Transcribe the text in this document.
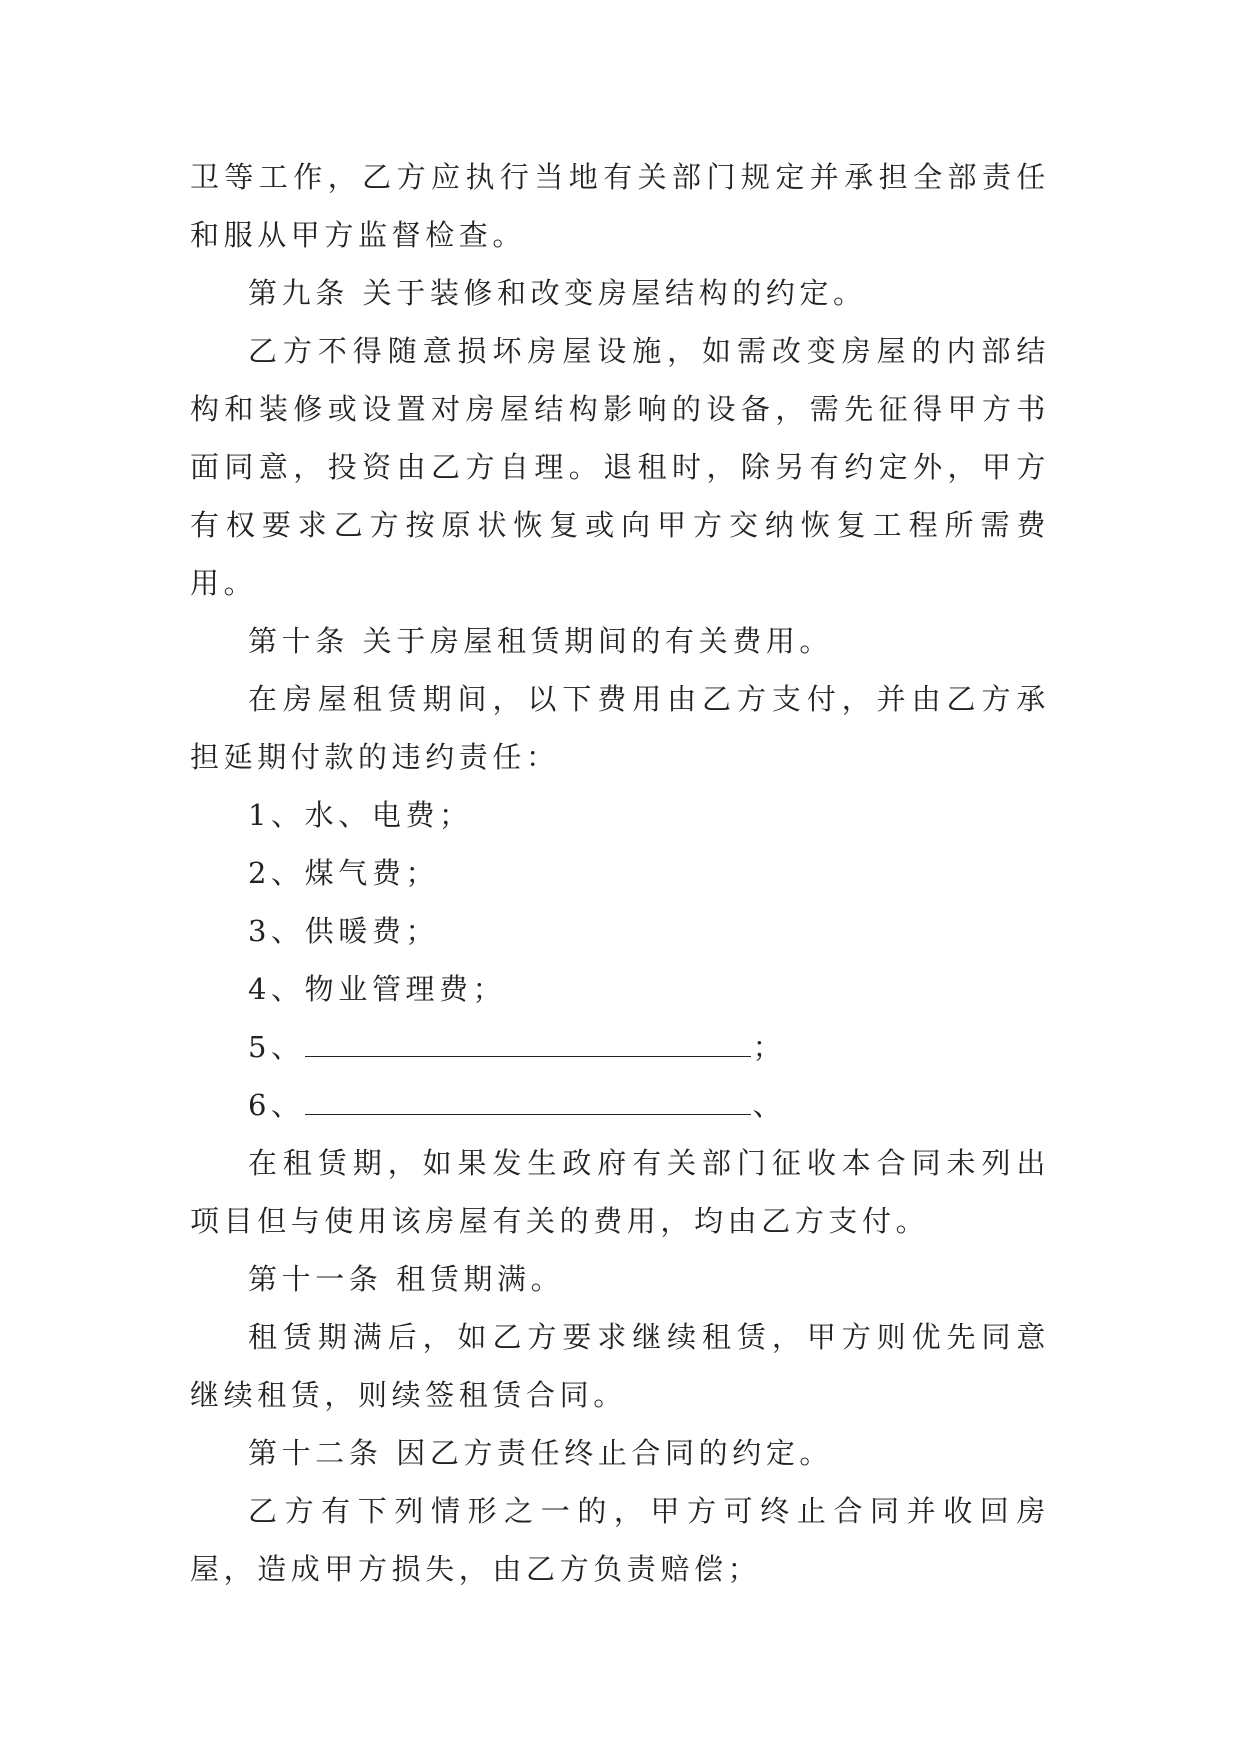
卫等工作，乙方应执行当地有关部门规定并承担全部责任和服从甲方监督检查。

第九条 关于装修和改变房屋结构的约定。

乙方不得随意损坏房屋设施，如需改变房屋的内部结构和装修或设置对房屋结构影响的设备，需先征得甲方书面同意，投资由乙方自理。退租时，除另有约定外，甲方有权要求乙方按原状恢复或向甲方交纳恢复工程所需费用。

第十条 关于房屋租赁期间的有关费用。

在房屋租赁期间，以下费用由乙方支付，并由乙方承担延期付款的违约责任：

1、水、电费；

2、煤气费；

3、供暖费；

4、物业管理费；

5、	；

6、	、

在租赁期，如果发生政府有关部门征收本合同未列出项目但与使用该房屋有关的费用，均由乙方支付。

第十一条 租赁期满。

租赁期满后，如乙方要求继续租赁，甲方则优先同意继续租赁，则续签租赁合同。

第十二条 因乙方责任终止合同的约定。

乙方有下列情形之一的，甲方可终止合同并收回房屋，造成甲方损失，由乙方负责赔偿；
